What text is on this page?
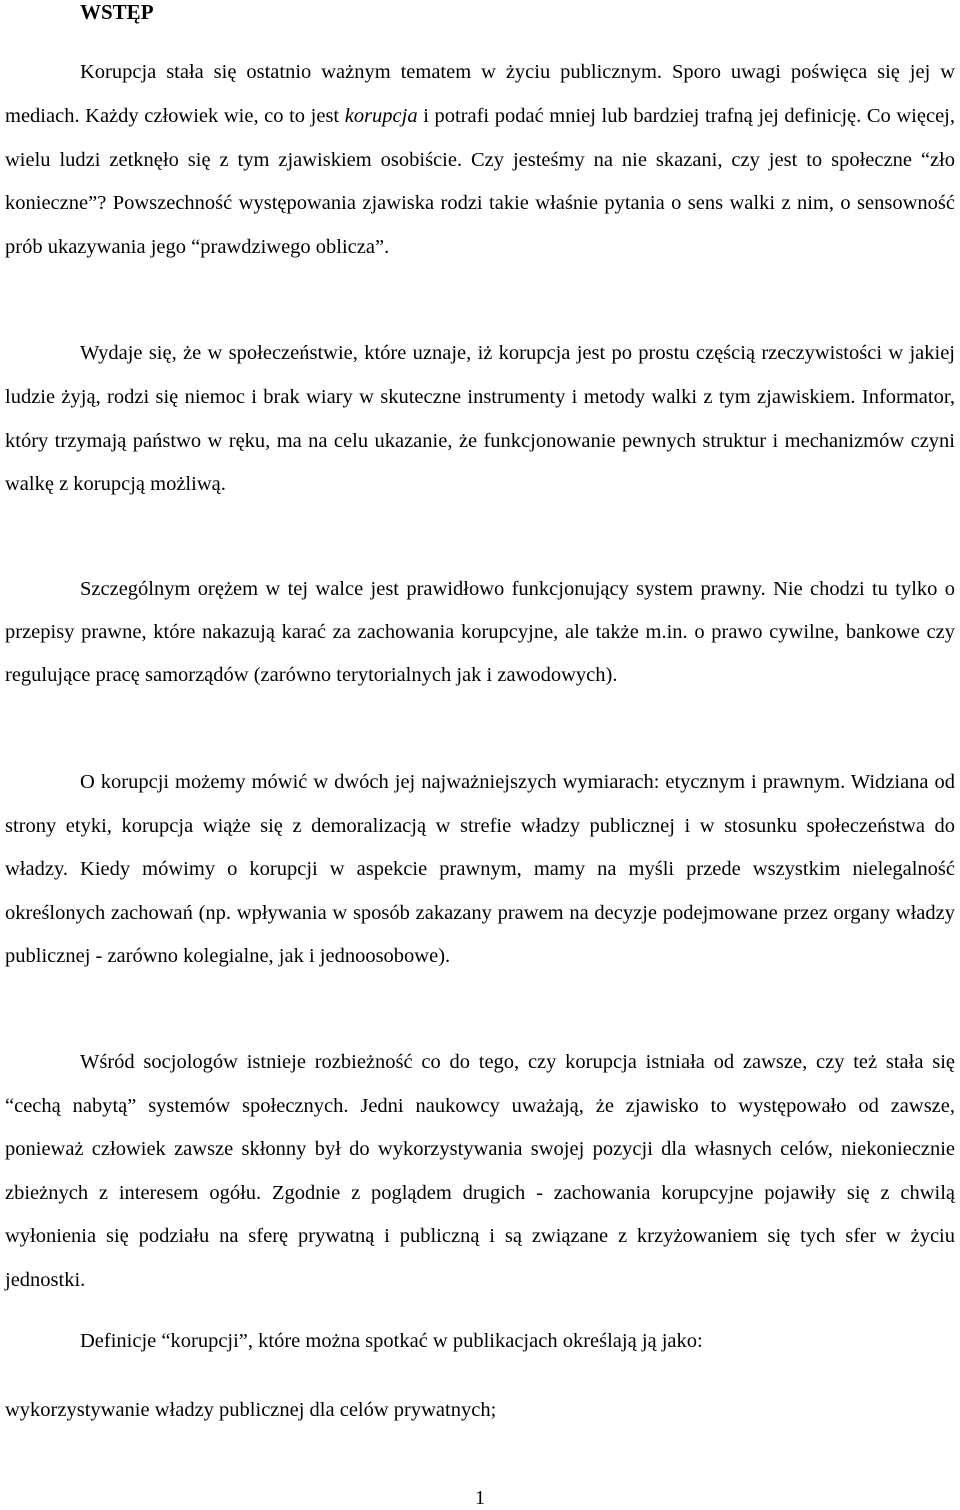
WSTĘP

Korupcja stała się ostatnio ważnym tematem w życiu publicznym. Sporo uwagi poświęca się jej w mediach. Każdy człowiek wie, co to jest korupcja i potrafi podać mniej lub bardziej trafną jej definicję. Co więcej, wielu ludzi zetknęło się z tym zjawiskiem osobiście. Czy jesteśmy na nie skazani, czy jest to społeczne “zło konieczne”? Powszechność występowania zjawiska rodzi takie właśnie pytania o sens walki z nim, o sensowność prób ukazywania jego “prawdziwego oblicza”.

Wydaje się, że w społeczeństwie, które uznaje, iż korupcja jest po prostu częścią rzeczywistości w jakiej ludzie żyją, rodzi się niemoc i brak wiary w skuteczne instrumenty i metody walki z tym zjawiskiem. Informator, który trzymają państwo w ręku, ma na celu ukazanie, że funkcjonowanie pewnych struktur i mechanizmów czyni walkę z korupcją możliwą.

Szczególnym orężem w tej walce jest prawidłowo funkcjonujący system prawny. Nie chodzi tu tylko o przepisy prawne, które nakazują karać za zachowania korupcyjne, ale także m.in. o prawo cywilne, bankowe czy regulujące pracę samorządów (zarówno terytorialnych jak i zawodowych).

O korupcji możemy mówić w dwóch jej najważniejszych wymiarach: etycznym i prawnym. Widziana od strony etyki, korupcja wiąże się z demoralizacją w strefie władzy publicznej i w stosunku społeczeństwa do władzy. Kiedy mówimy o korupcji w aspekcie prawnym, mamy na myśli przede wszystkim nielegalność określonych zachowań (np. wpływania w sposób zakazany prawem na decyzje podejmowane przez organy władzy publicznej - zarówno kolegialne, jak i jednoosobowe).

Wśród socjologów istnieje rozbieżność co do tego, czy korupcja istniała od zawsze, czy też stała się “cechą nabytą” systemów społecznych. Jedni naukowcy uważają, że zjawisko to występowało od zawsze, ponieważ człowiek zawsze skłonny był do wykorzystywania swojej pozycji dla własnych celów, niekoniecznie zbieżnych z interesem ogółu. Zgodnie z poglądem drugich - zachowania korupcyjne pojawiły się z chwilą wyłonienia się podziału na sferę prywatną i publiczną i są związane z krzyżowaniem się tych sfer w życiu jednostki.

Definicje “korupcji”, które można spotkać w publikacjach określają ją jako:

wykorzystywanie władzy publicznej dla celów prywatnych;

1
